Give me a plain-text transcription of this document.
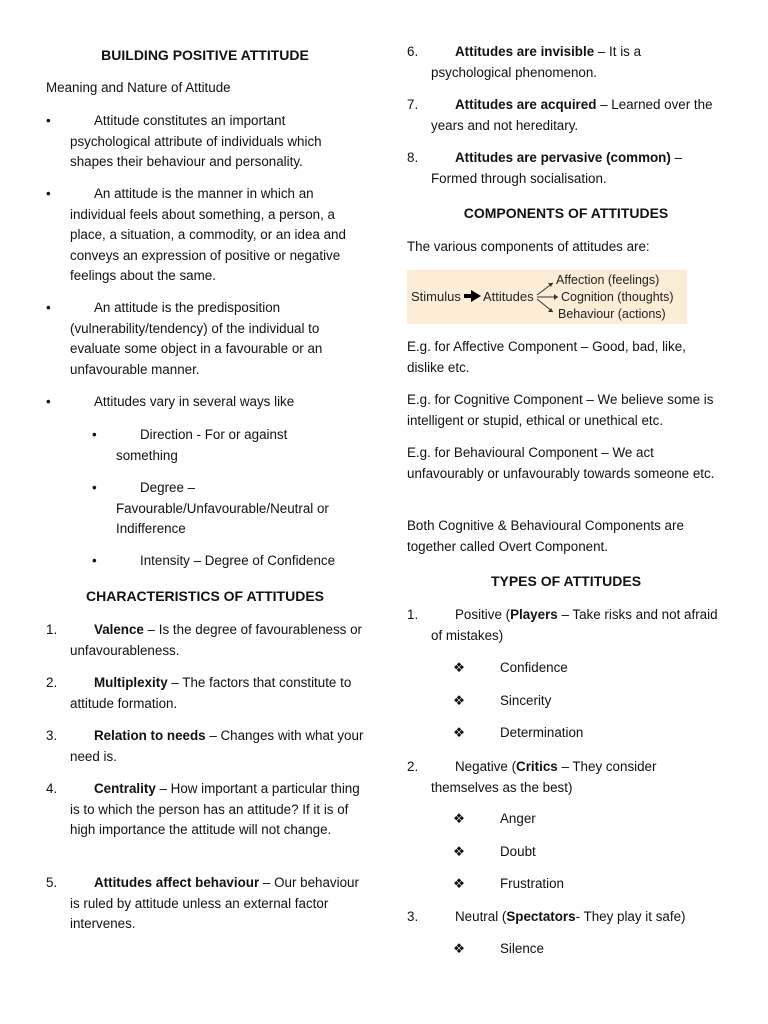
BUILDING POSITIVE ATTITUDE
Meaning and Nature of Attitude
•	Attitude constitutes an important psychological attribute of individuals which shapes their behaviour and personality.
•	An attitude is the manner in which an individual feels about something, a person, a place, a situation, a commodity, or an idea and conveys an expression of positive or negative feelings about the same.
•	An attitude is the predisposition (vulnerability/tendency) of the individual to evaluate some object in a favourable or an unfavourable manner.
•	Attitudes vary in several ways like
•	Direction - For or against something
•	Degree – Favourable/Unfavourable/Neutral or Indifference
•	Intensity – Degree of Confidence
CHARACTERISTICS OF ATTITUDES
1.	Valence – Is the degree of favourableness or unfavourableness.
2.	Multiplexity – The factors that constitute to attitude formation.
3.	Relation to needs – Changes with what your need is.
4.	Centrality – How important a particular thing is to which the person has an attitude? If it is of high importance the attitude will not change.
5.	Attitudes affect behaviour – Our behaviour is ruled by attitude unless an external factor intervenes.
6.	Attitudes are invisible – It is a psychological phenomenon.
7.	Attitudes are acquired – Learned over the years and not hereditary.
8.	Attitudes are pervasive (common) – Formed through socialisation.
COMPONENTS OF ATTITUDES
The various components of attitudes are:
Stimulus Attitudes
Affection (feelings)
Cognition (thoughts)
Behaviour (actions)
E.g. for Affective Component – Good, bad, like, dislike etc.
E.g. for Cognitive Component – We believe some is intelligent or stupid, ethical or unethical etc.
E.g. for Behavioural Component – We act unfavourably or unfavourably towards someone etc.
Both Cognitive & Behavioural Components are together called Overt Component.
TYPES OF ATTITUDES
1.	Positive (Players – Take risks and not afraid of mistakes)
❖	Confidence
❖	Sincerity
❖	Determination
2.	Negative (Critics – They consider themselves as the best)
❖	Anger
❖	Doubt
❖	Frustration
3.	Neutral (Spectators- They play it safe)
❖	Silence
